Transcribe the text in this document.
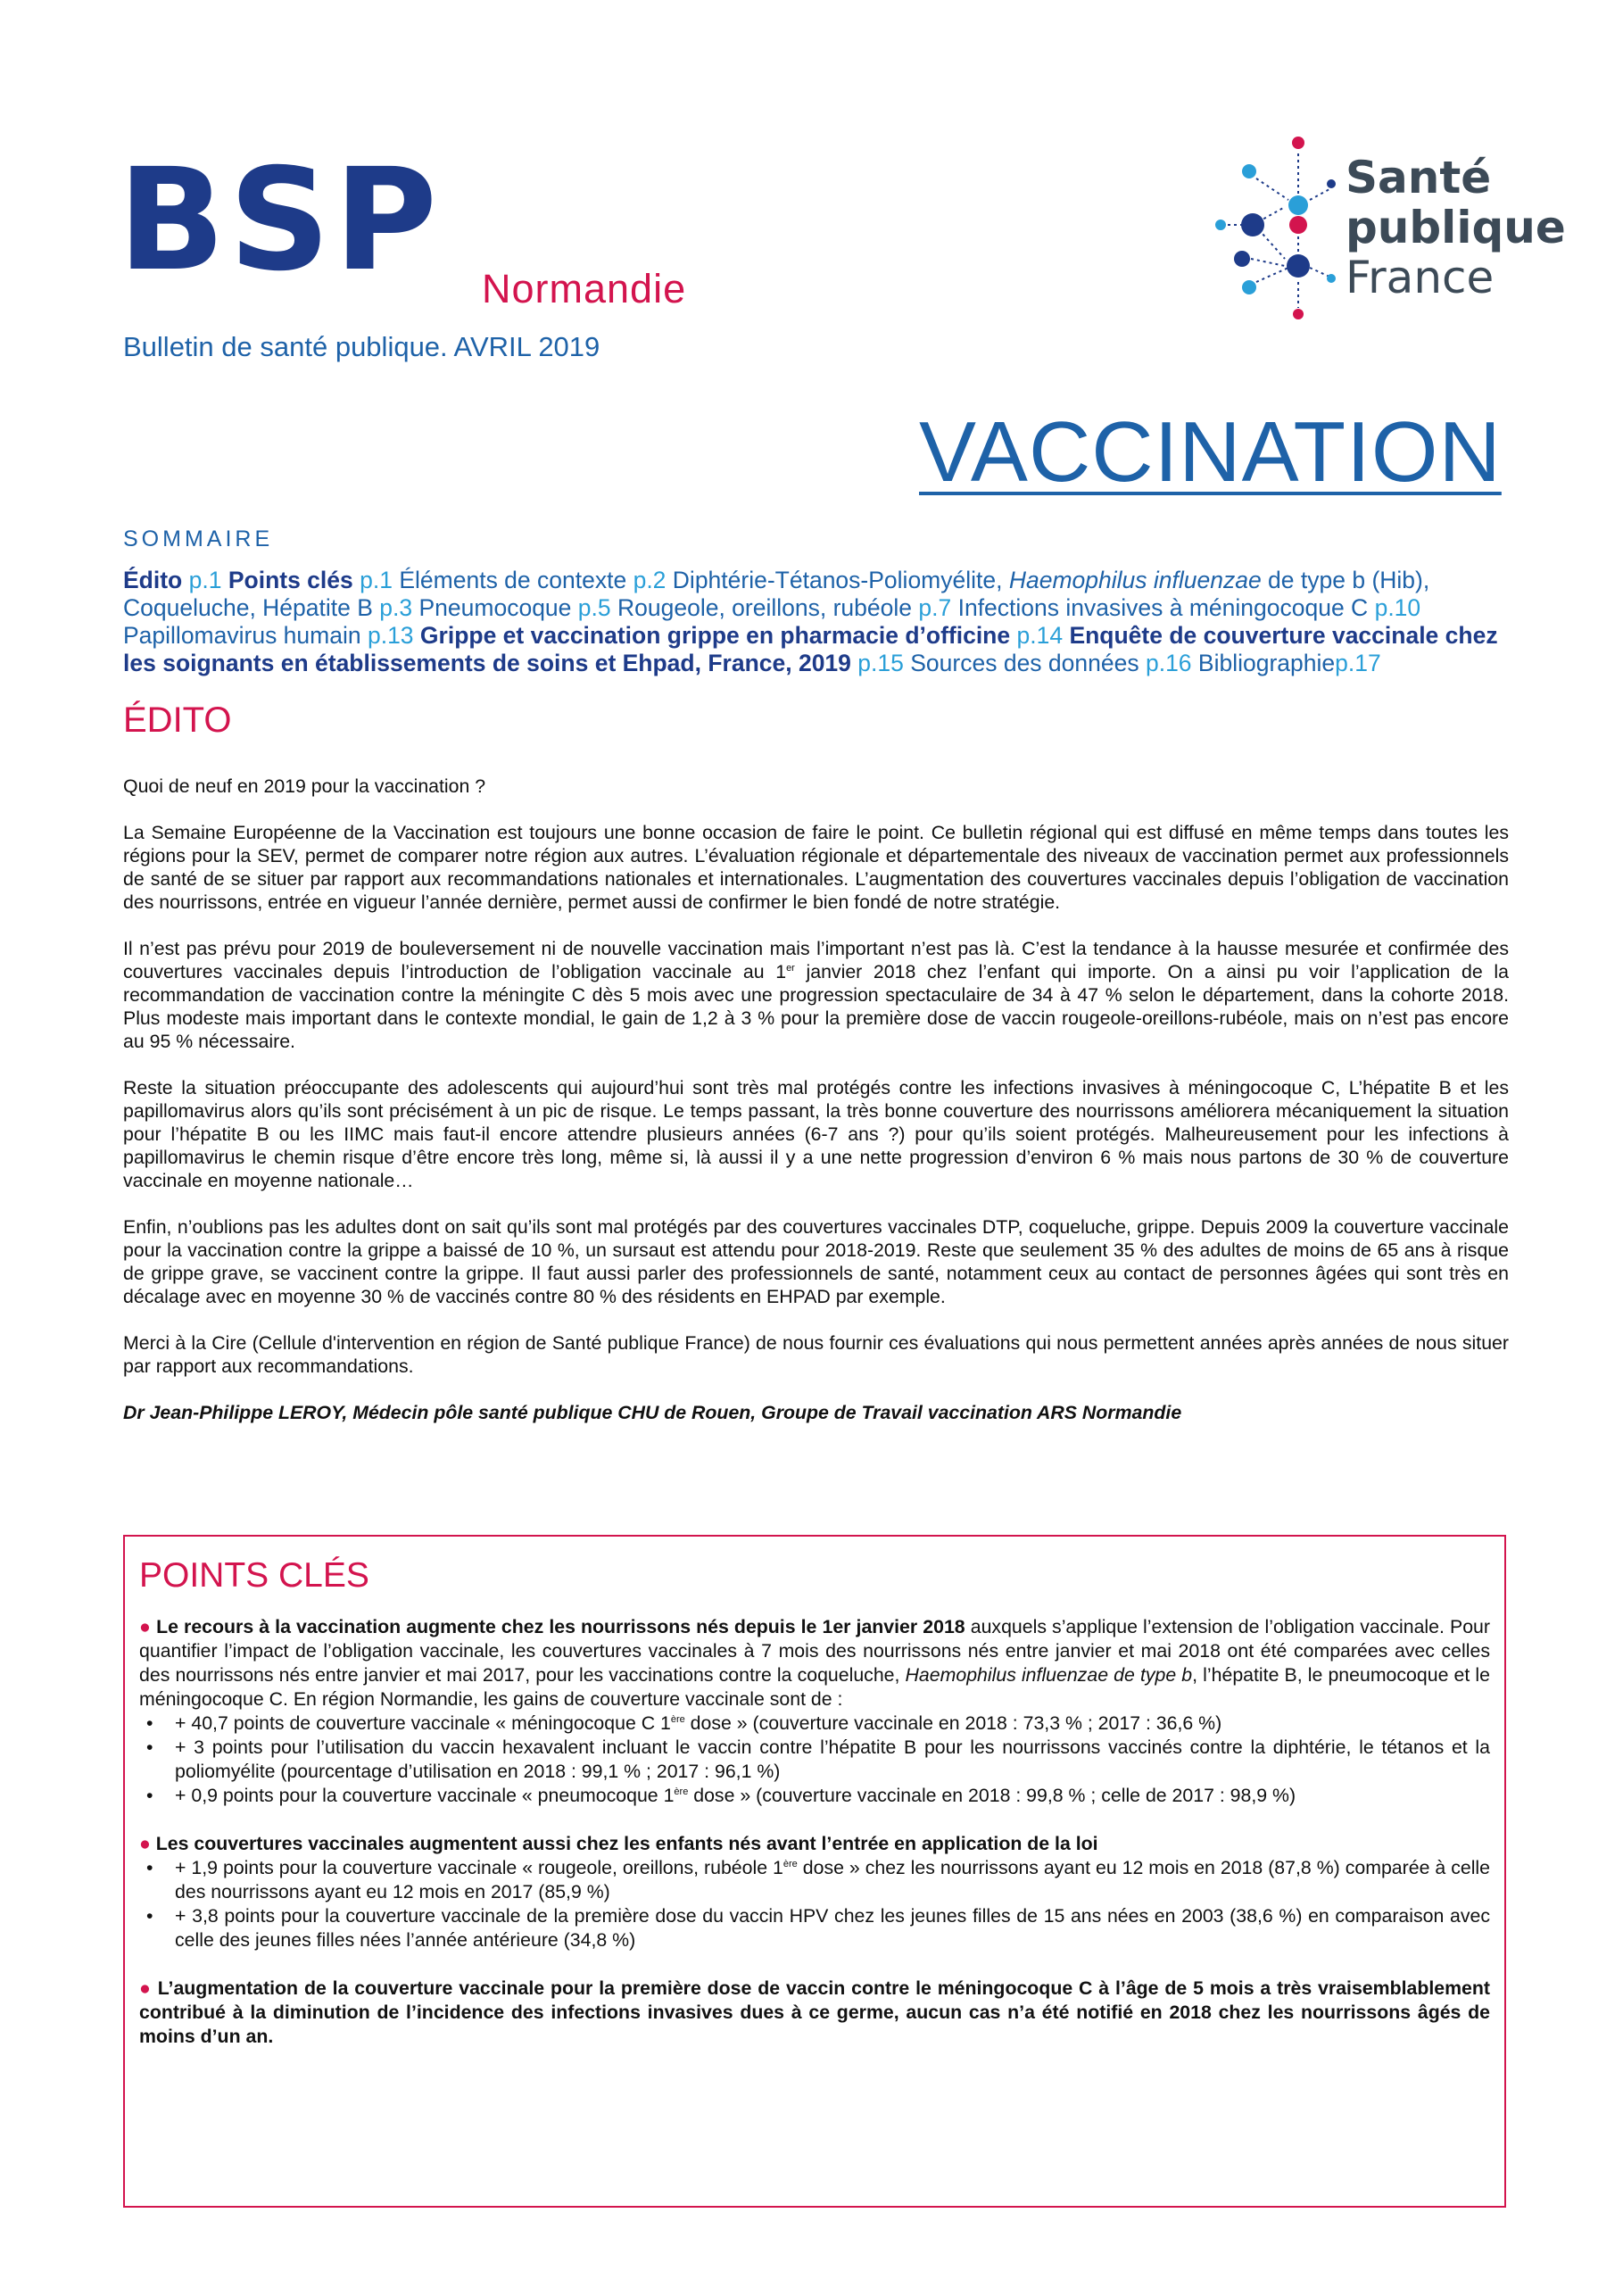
BSP Normandie
Bulletin de santé publique. AVRIL 2019
Santé
publique
France
VACCINATION
SOMMAIRE
Édito p.1 Points clés p.1 Éléments de contexte p.2 Diphtérie-Tétanos-Poliomyélite, Haemophilus influenzae de type b (Hib), Coqueluche, Hépatite B p.3 Pneumocoque p.5 Rougeole, oreillons, rubéole p.7 Infections invasives à méningocoque C p.10 Papillomavirus humain p.13 Grippe et vaccination grippe en pharmacie d’officine p.14 Enquête de couverture vaccinale chez les soignants en établissements de soins et Ehpad, France, 2019 p.15 Sources des données p.16 Bibliographiep.17
ÉDITO

Quoi de neuf en 2019 pour la vaccination ?

La Semaine Européenne de la Vaccination est toujours une bonne occasion de faire le point. Ce bulletin régional qui est diffusé en même temps dans toutes les régions pour la SEV, permet de comparer notre région aux autres. L’évaluation régionale et départementale des niveaux de vaccination permet aux professionnels de santé de se situer par rapport aux recommandations nationales et internationales. L’augmentation des couvertures vaccinales depuis l’obligation de vaccination des nourrissons, entrée en vigueur l’année dernière, permet aussi de confirmer le bien fondé de notre stratégie.

Il n’est pas prévu pour 2019 de bouleversement ni de nouvelle vaccination mais l’important n’est pas là. C’est la tendance à la hausse mesurée et confirmée des couvertures vaccinales depuis l’introduction de l’obligation vaccinale au 1er janvier 2018 chez l’enfant qui importe. On a ainsi pu voir l’application de la recommandation de vaccination contre la méningite C dès 5 mois avec une progression spectaculaire de 34 à 47 % selon le département, dans la cohorte 2018. Plus modeste mais important dans le contexte mondial, le gain de 1,2 à 3 % pour la première dose de vaccin rougeole-oreillons-rubéole, mais on n’est pas encore au 95 % nécessaire.

Reste la situation préoccupante des adolescents qui aujourd’hui sont très mal protégés contre les infections invasives à méningocoque C, L’hépatite B et les papillomavirus alors qu’ils sont précisément à un pic de risque. Le temps passant, la très bonne couverture des nourrissons améliorera mécaniquement la situation pour l’hépatite B ou les IIMC mais faut-il encore attendre plusieurs années (6-7 ans ?) pour qu’ils soient protégés. Malheureusement pour les infections à papillomavirus le chemin risque d’être encore très long, même si, là aussi il y a une nette progression d’environ 6 % mais nous partons de 30 % de couverture vaccinale en moyenne nationale…

Enfin, n’oublions pas les adultes dont on sait qu’ils sont mal protégés par des couvertures vaccinales DTP, coqueluche, grippe. Depuis 2009 la couverture vaccinale pour la vaccination contre la grippe a baissé de 10 %, un sursaut est attendu pour 2018-2019. Reste que seulement 35 % des adultes de moins de 65 ans à risque de grippe grave, se vaccinent contre la grippe. Il faut aussi parler des professionnels de santé, notamment ceux au contact de personnes âgées qui sont très en décalage avec en moyenne 30 % de vaccinés contre 80 % des résidents en EHPAD par exemple.

Merci à la Cire (Cellule d'intervention en région de Santé publique France) de nous fournir ces évaluations qui nous permettent années après années de nous situer par rapport aux recommandations.

Dr Jean-Philippe LEROY, Médecin pôle santé publique CHU de Rouen, Groupe de Travail vaccination ARS Normandie

POINTS CLÉS

● Le recours à la vaccination augmente chez les nourrissons nés depuis le 1er janvier 2018 auxquels s’applique l’extension de l’obligation vaccinale. Pour quantifier l’impact de l’obligation vaccinale, les couvertures vaccinales à 7 mois des nourrissons nés entre janvier et mai 2018 ont été comparées avec celles des nourrissons nés entre janvier et mai 2017, pour les vaccinations contre la coqueluche, Haemophilus influenzae de type b, l’hépatite B, le pneumocoque et le méningocoque C. En région Normandie, les gains de couverture vaccinale sont de :

• + 40,7 points de couverture vaccinale « méningocoque C 1ère dose » (couverture vaccinale en 2018 : 73,3 % ; 2017 : 36,6 %)
• + 3 points pour l’utilisation du vaccin hexavalent incluant le vaccin contre l’hépatite B pour les nourrissons vaccinés contre la diphtérie, le tétanos et la poliomyélite (pourcentage d’utilisation en 2018 : 99,1 % ; 2017 : 96,1 %)
• + 0,9 points pour la couverture vaccinale « pneumocoque 1ère dose » (couverture vaccinale en 2018 : 99,8 % ; celle de 2017 : 98,9 %)

● Les couvertures vaccinales augmentent aussi chez les enfants nés avant l’entrée en application de la loi

• + 1,9 points pour la couverture vaccinale « rougeole, oreillons, rubéole 1ère dose » chez les nourrissons ayant eu 12 mois en 2018 (87,8 %) comparée à celle des nourrissons ayant eu 12 mois en 2017 (85,9 %)
• + 3,8 points pour la couverture vaccinale de la première dose du vaccin HPV chez les jeunes filles de 15 ans nées en 2003 (38,6 %) en comparaison avec celle des jeunes filles nées l’année antérieure (34,8 %)

● L’augmentation de la couverture vaccinale pour la première dose de vaccin contre le méningocoque C à l’âge de 5 mois a très vraisemblablement contribué à la diminution de l’incidence des infections invasives dues à ce germe, aucun cas n’a été notifié en 2018 chez les nourrissons âgés de moins d’un an.
